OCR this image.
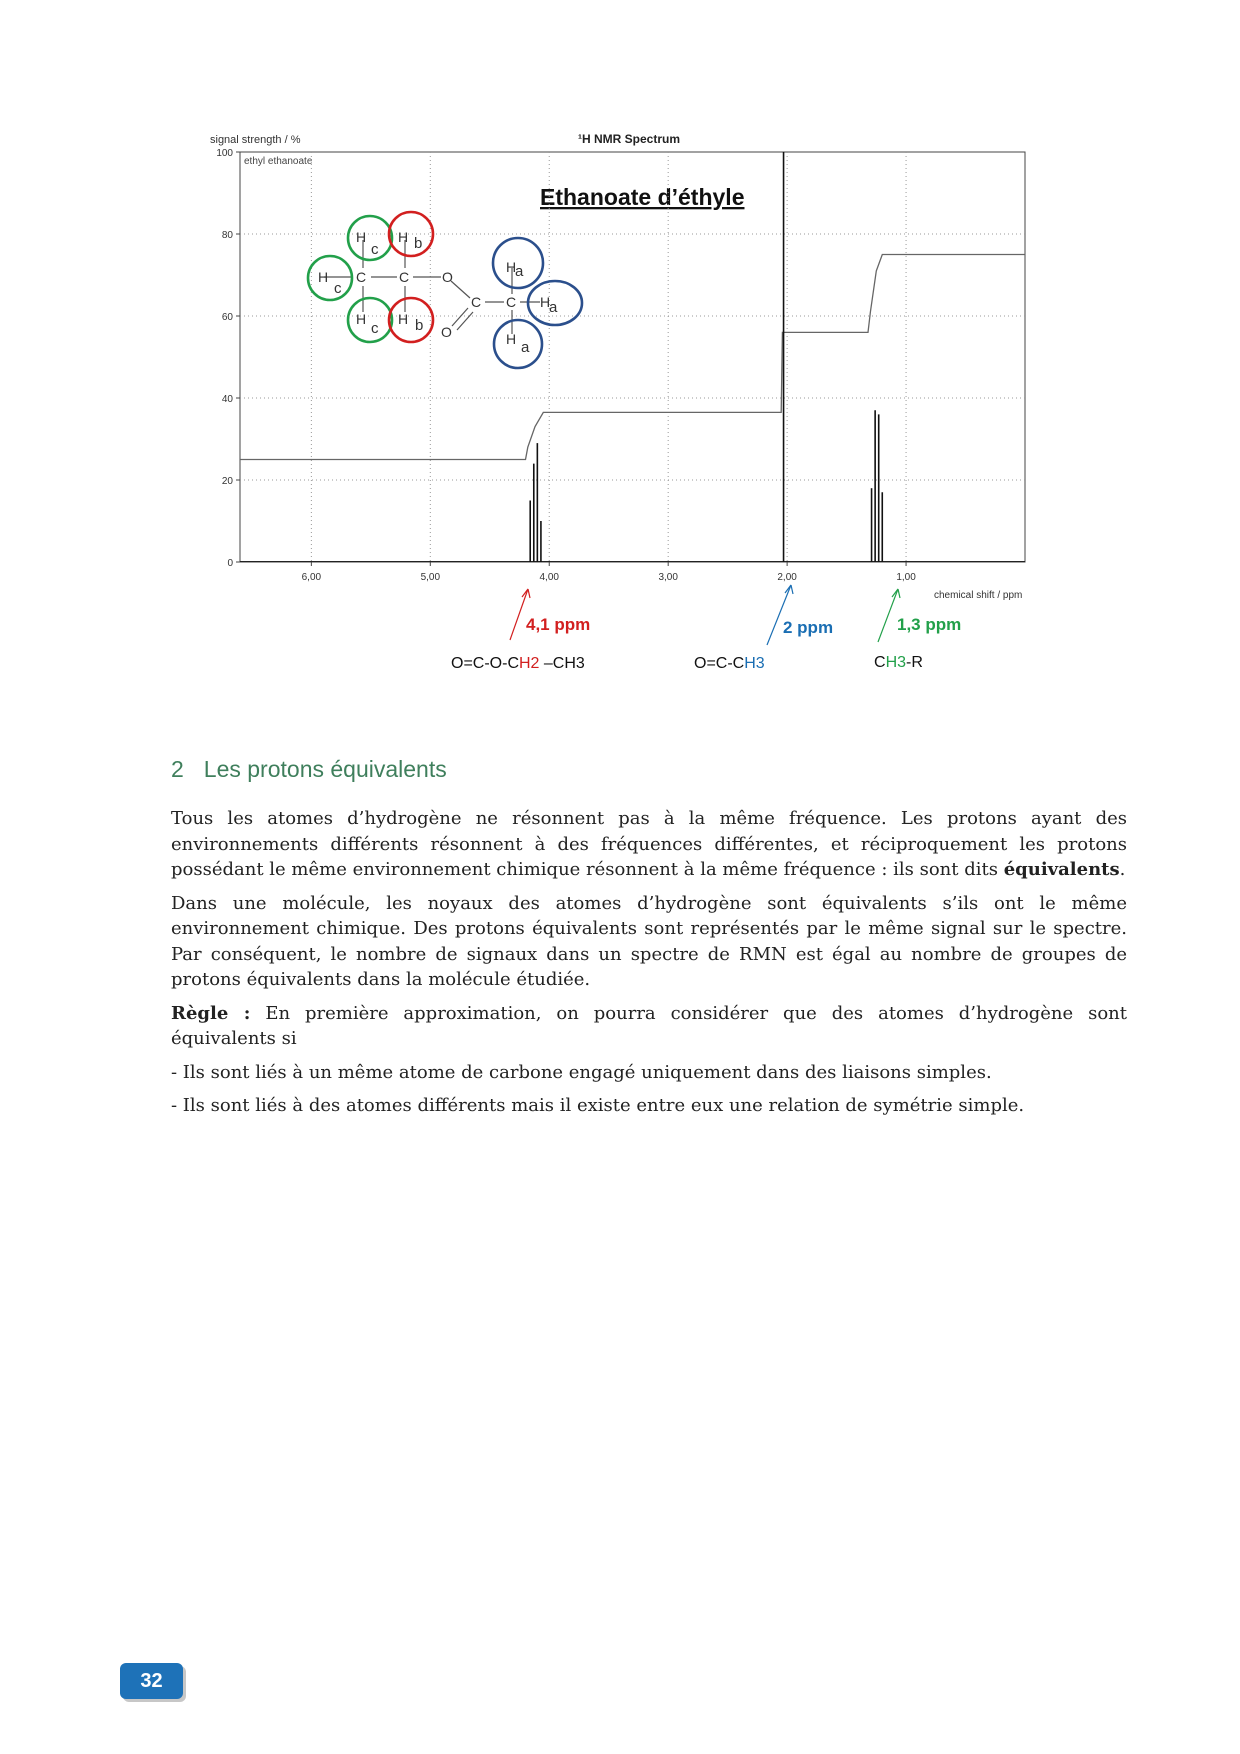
signal strength / %	¹H NMR Spectrum
ethyl ethanoate
Ethanoate d’éthyle
0
20
40
60
80
100
6,00	5,00	4,00	3,00	2,00	1,00
chemical shift / ppm
H C C O
H
H
H
H
C
O
C
H
H
H
c
c
c
b
b
a
a
a
4,1 ppm
O=C-O-CH2 –CH3
2 ppm
O=C-CH3
1,3 ppm
CH3-R
2 Les protons équivalents

Tous les atomes d’hydrogène ne résonnent pas à la même fréquence. Les protons ayant des environnements différents résonnent à des fréquences différentes, et réciproquement les protons possédant le même environnement chimique résonnent à la même fréquence : ils sont dits équivalents.

Dans une molécule, les noyaux des atomes d’hydrogène sont équivalents s’ils ont le même environnement chimique. Des protons équivalents sont représentés par le même signal sur le spectre. Par conséquent, le nombre de signaux dans un spectre de RMN est égal au nombre de groupes de protons équivalents dans la molécule étudiée.

Règle : En première approximation, on pourra considérer que des atomes d’hydrogène sont équivalents si

- Ils sont liés à un même atome de carbone engagé uniquement dans des liaisons simples.

- Ils sont liés à des atomes différents mais il existe entre eux une relation de symétrie simple.

32
